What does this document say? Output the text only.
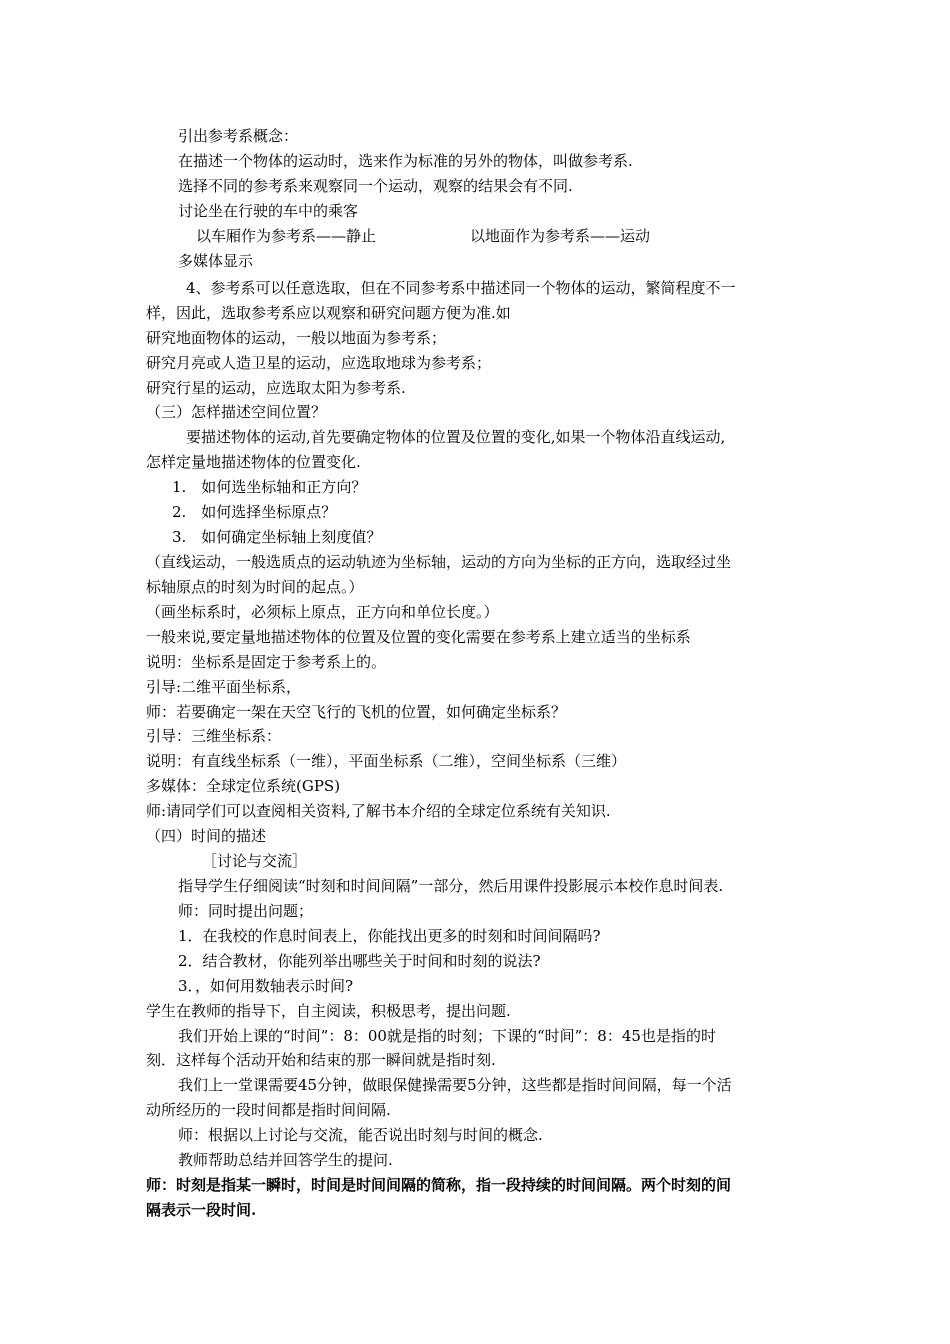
引出参考系概念：
在描述一个物体的运动时，选来作为标准的另外的物体，叫做参考系.
选择不同的参考系来观察同一个运动，观察的结果会有不同.
讨论坐在行驶的车中的乘客
以车厢作为参考系——静止	以地面作为参考系——运动
多媒体显示
4、参考系可以任意选取，但在不同参考系中描述同一个物体的运动，繁简程度不一
样，因此，选取参考系应以观察和研究问题方便为准.如
研究地面物体的运动，一般以地面为参考系；
研究月亮或人造卫星的运动，应选取地球为参考系；
研究行星的运动，应选取太阳为参考系.
（三）怎样描述空间位置？
要描述物体的运动,首先要确定物体的位置及位置的变化,如果一个物体沿直线运动,
怎样定量地描述物体的位置变化.
1.　如何选坐标轴和正方向？
2.　如何选择坐标原点？
3.　如何确定坐标轴上刻度值？
（直线运动，一般选质点的运动轨迹为坐标轴，运动的方向为坐标的正方向，选取经过坐
标轴原点的时刻为时间的起点。）
（画坐标系时，必须标上原点，正方向和单位长度。）
一般来说,要定量地描述物体的位置及位置的变化需要在参考系上建立适当的坐标系
说明：坐标系是固定于参考系上的。
引导:二维平面坐标系，
师：若要确定一架在天空飞行的飞机的位置，如何确定坐标系？
引导：三维坐标系：
说明：有直线坐标系（一维），平面坐标系（二维），空间坐标系（三维）
多媒体：全球定位系统(GPS)
师:请同学们可以查阅相关资料,了解书本介绍的全球定位系统有关知识.
（四）时间的描述
［讨论与交流］
指导学生仔细阅读“时刻和时间间隔”一部分，然后用课件投影展示本校作息时间表.
师：同时提出问题；
1．在我校的作息时间表上，你能找出更多的时刻和时间间隔吗?
2．结合教材，你能列举出哪些关于时间和时刻的说法?
3．，如何用数轴表示时间?
学生在教师的指导下，自主阅读，积极思考，提出问题.
我们开始上课的“时间”：8：00就是指的时刻；下课的“时间”：8：45也是指的时
刻．这样每个活动开始和结束的那一瞬间就是指时刻.
我们上一堂课需要45分钟，做眼保健操需要5分钟，这些都是指时间间隔，每一个活
动所经历的一段时间都是指时间间隔.
师：根据以上讨论与交流，能否说出时刻与时间的概念.
教师帮助总结并回答学生的提问.
师：时刻是指某一瞬时，时间是时间间隔的简称，指一段持续的时间间隔。两个时刻的间
隔表示一段时间.
